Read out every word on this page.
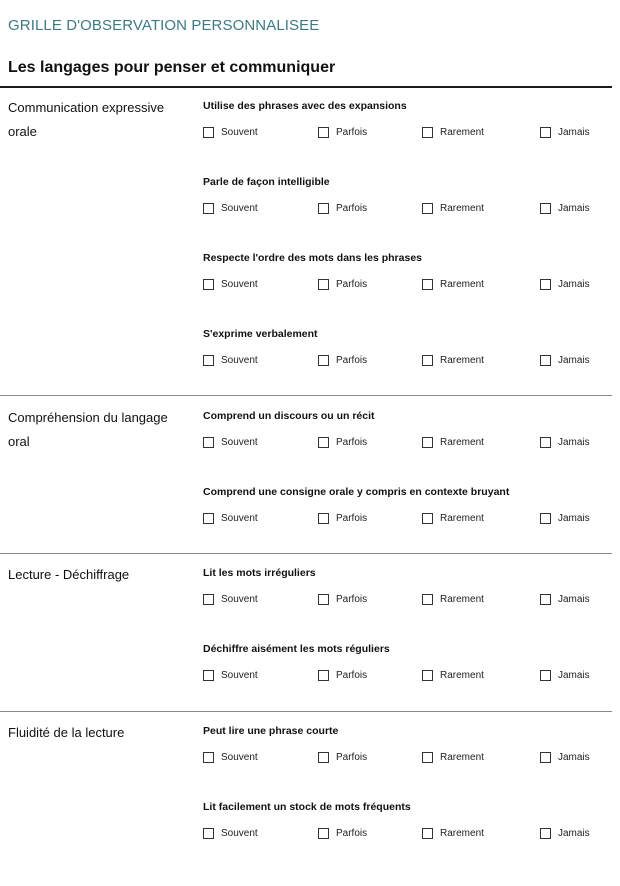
GRILLE D'OBSERVATION PERSONNALISEE
Les langages pour penser et communiquer
Communication expressive orale
Utilise des phrases avec des expansions
Souvent	Parfois	Rarement	Jamais
Parle de façon intelligible
Souvent	Parfois	Rarement	Jamais
Respecte l'ordre des mots dans les phrases
Souvent	Parfois	Rarement	Jamais
S'exprime verbalement
Souvent	Parfois	Rarement	Jamais
Compréhension du langage oral
Comprend un discours ou un récit
Souvent	Parfois	Rarement	Jamais
Comprend une consigne orale y compris en contexte bruyant
Souvent	Parfois	Rarement	Jamais
Lecture - Déchiffrage	Lit les mots irréguliers
Souvent	Parfois	Rarement	Jamais
Déchiffre aisément les mots réguliers
Souvent	Parfois	Rarement	Jamais
Fluidité de la lecture	Peut lire une phrase courte
Souvent	Parfois	Rarement	Jamais
Lit facilement un stock de mots fréquents
Souvent	Parfois	Rarement	Jamais
